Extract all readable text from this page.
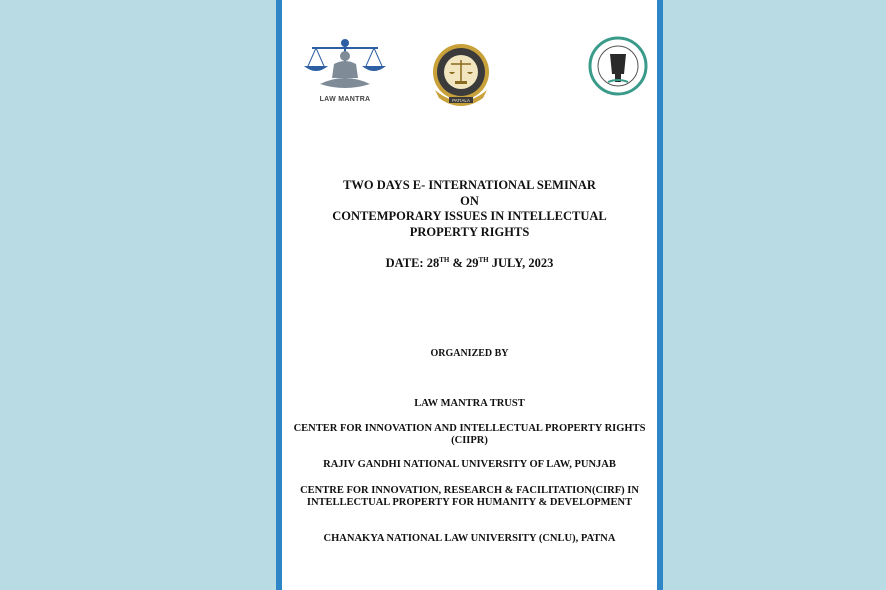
LAW MANTRA	PATIALA
TWO DAYS E- INTERNATIONAL SEMINAR
ON
CONTEMPORARY ISSUES IN INTELLECTUAL
PROPERTY RIGHTS
DATE: 28TH & 29TH JULY, 2023
ORGANIZED BY
LAW MANTRA TRUST
CENTER FOR INNOVATION AND INTELLECTUAL PROPERTY RIGHTS (CIIPR)
RAJIV GANDHI NATIONAL UNIVERSITY OF LAW, PUNJAB
CENTRE FOR INNOVATION, RESEARCH & FACILITATION(CIRF) IN INTELLECTUAL PROPERTY FOR HUMANITY & DEVELOPMENT
CHANAKYA NATIONAL LAW UNIVERSITY (CNLU), PATNA
